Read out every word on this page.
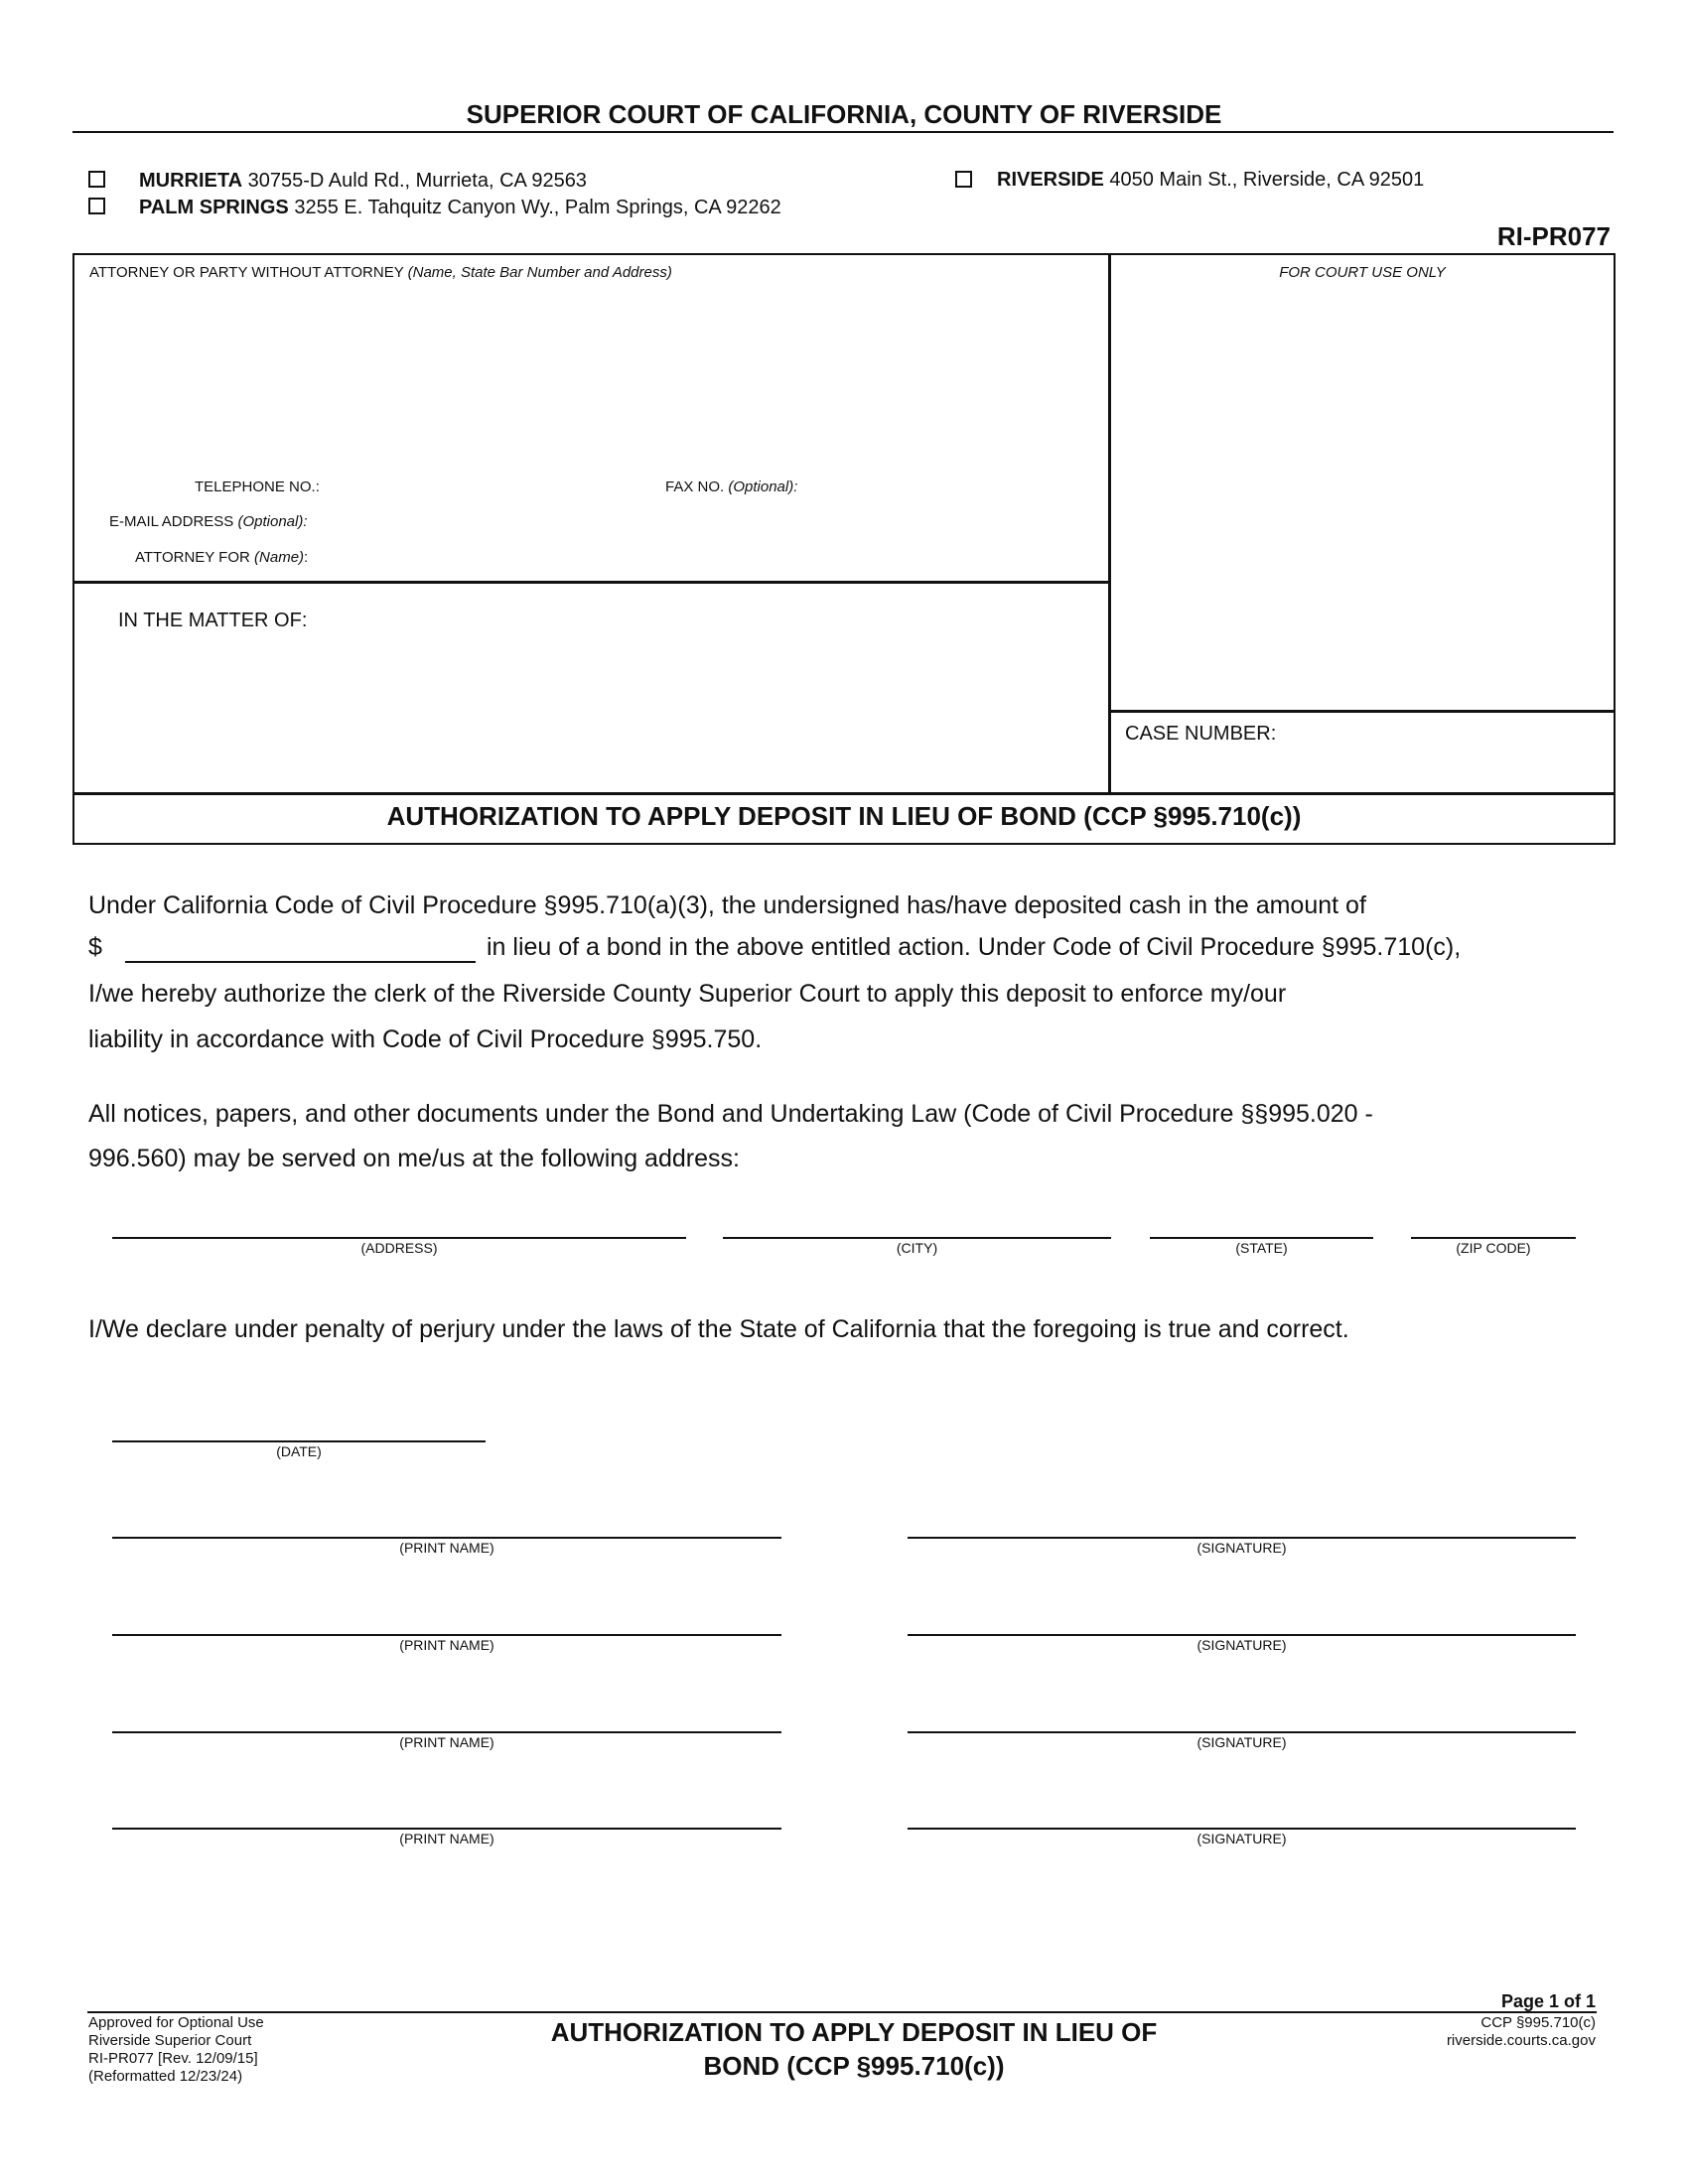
SUPERIOR COURT OF CALIFORNIA, COUNTY OF RIVERSIDE
MURRIETA 30755-D Auld Rd., Murrieta, CA 92563
PALM SPRINGS 3255 E. Tahquitz Canyon Wy., Palm Springs, CA 92262
RIVERSIDE 4050 Main St., Riverside, CA 92501
RI-PR077
ATTORNEY OR PARTY WITHOUT ATTORNEY (Name, State Bar Number and Address)	FOR COURT USE ONLY
TELEPHONE NO.:	FAX NO. (Optional):
E-MAIL ADDRESS (Optional):
ATTORNEY FOR (Name):
IN THE MATTER OF:
CASE NUMBER:
AUTHORIZATION TO APPLY DEPOSIT IN LIEU OF BOND (CCP §995.710(c))
Under California Code of Civil Procedure §995.710(a)(3), the undersigned has/have deposited cash in the amount of
$	in lieu of a bond in the above entitled action. Under Code of Civil Procedure §995.710(c),
I/we hereby authorize the clerk of the Riverside County Superior Court to apply this deposit to enforce my/our
liability in accordance with Code of Civil Procedure §995.750.
All notices, papers, and other documents under the Bond and Undertaking Law (Code of Civil Procedure §§995.020 -
996.560) may be served on me/us at the following address:
(ADDRESS)	(CITY)	(STATE)	(ZIP CODE)
I/We declare under penalty of perjury under the laws of the State of California that the foregoing is true and correct.
(DATE)
(PRINT NAME)	(SIGNATURE)
(PRINT NAME)	(SIGNATURE)
(PRINT NAME)	(SIGNATURE)
(PRINT NAME)	(SIGNATURE)
Page 1 of 1
Approved for Optional Use
Riverside Superior Court
RI-PR077 [Rev. 12/09/15]
(Reformatted 12/23/24)
AUTHORIZATION TO APPLY DEPOSIT IN LIEU OF
BOND (CCP §995.710(c))
CCP §995.710(c)
riverside.courts.ca.gov
